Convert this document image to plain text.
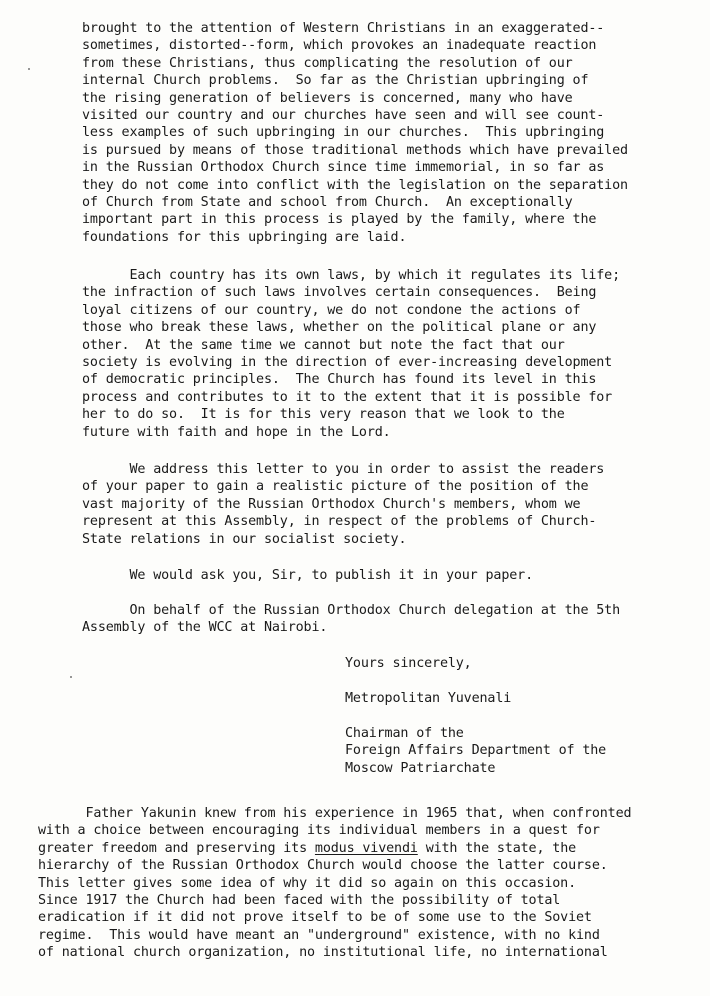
brought to the attention of Western Christians in an exaggerated--
sometimes, distorted--form, which provokes an inadequate reaction
from these Christians, thus complicating the resolution of our
internal Church problems.  So far as the Christian upbringing of
the rising generation of believers is concerned, many who have
visited our country and our churches have seen and will see count-
less examples of such upbringing in our churches.  This upbringing
is pursued by means of those traditional methods which have prevailed
in the Russian Orthodox Church since time immemorial, in so far as
they do not come into conflict with the legislation on the separation
of Church from State and school from Church.  An exceptionally
important part in this process is played by the family, where the
foundations for this upbringing are laid.
Each country has its own laws, by which it regulates its life;
the infraction of such laws involves certain consequences.  Being
loyal citizens of our country, we do not condone the actions of
those who break these laws, whether on the political plane or any
other.  At the same time we cannot but note the fact that our
society is evolving in the direction of ever-increasing development
of democratic principles.  The Church has found its level in this
process and contributes to it to the extent that it is possible for
her to do so.  It is for this very reason that we look to the
future with faith and hope in the Lord.
We address this letter to you in order to assist the readers
of your paper to gain a realistic picture of the position of the
vast majority of the Russian Orthodox Church's members, whom we
represent at this Assembly, in respect of the problems of Church-
State relations in our socialist society.
We would ask you, Sir, to publish it in your paper.
On behalf of the Russian Orthodox Church delegation at the 5th
Assembly of the WCC at Nairobi.
Yours sincerely,
Metropolitan Yuvenali
Chairman of the
Foreign Affairs Department of the
Moscow Patriarchate
Father Yakunin knew from his experience in 1965 that, when confronted
with a choice between encouraging its individual members in a quest for
greater freedom and preserving its modus vivendi with the state, the
hierarchy of the Russian Orthodox Church would choose the latter course.
This letter gives some idea of why it did so again on this occasion.
Since 1917 the Church had been faced with the possibility of total
eradication if it did not prove itself to be of some use to the Soviet
regime.  This would have meant an "underground" existence, with no kind
of national church organization, no institutional life, no international
